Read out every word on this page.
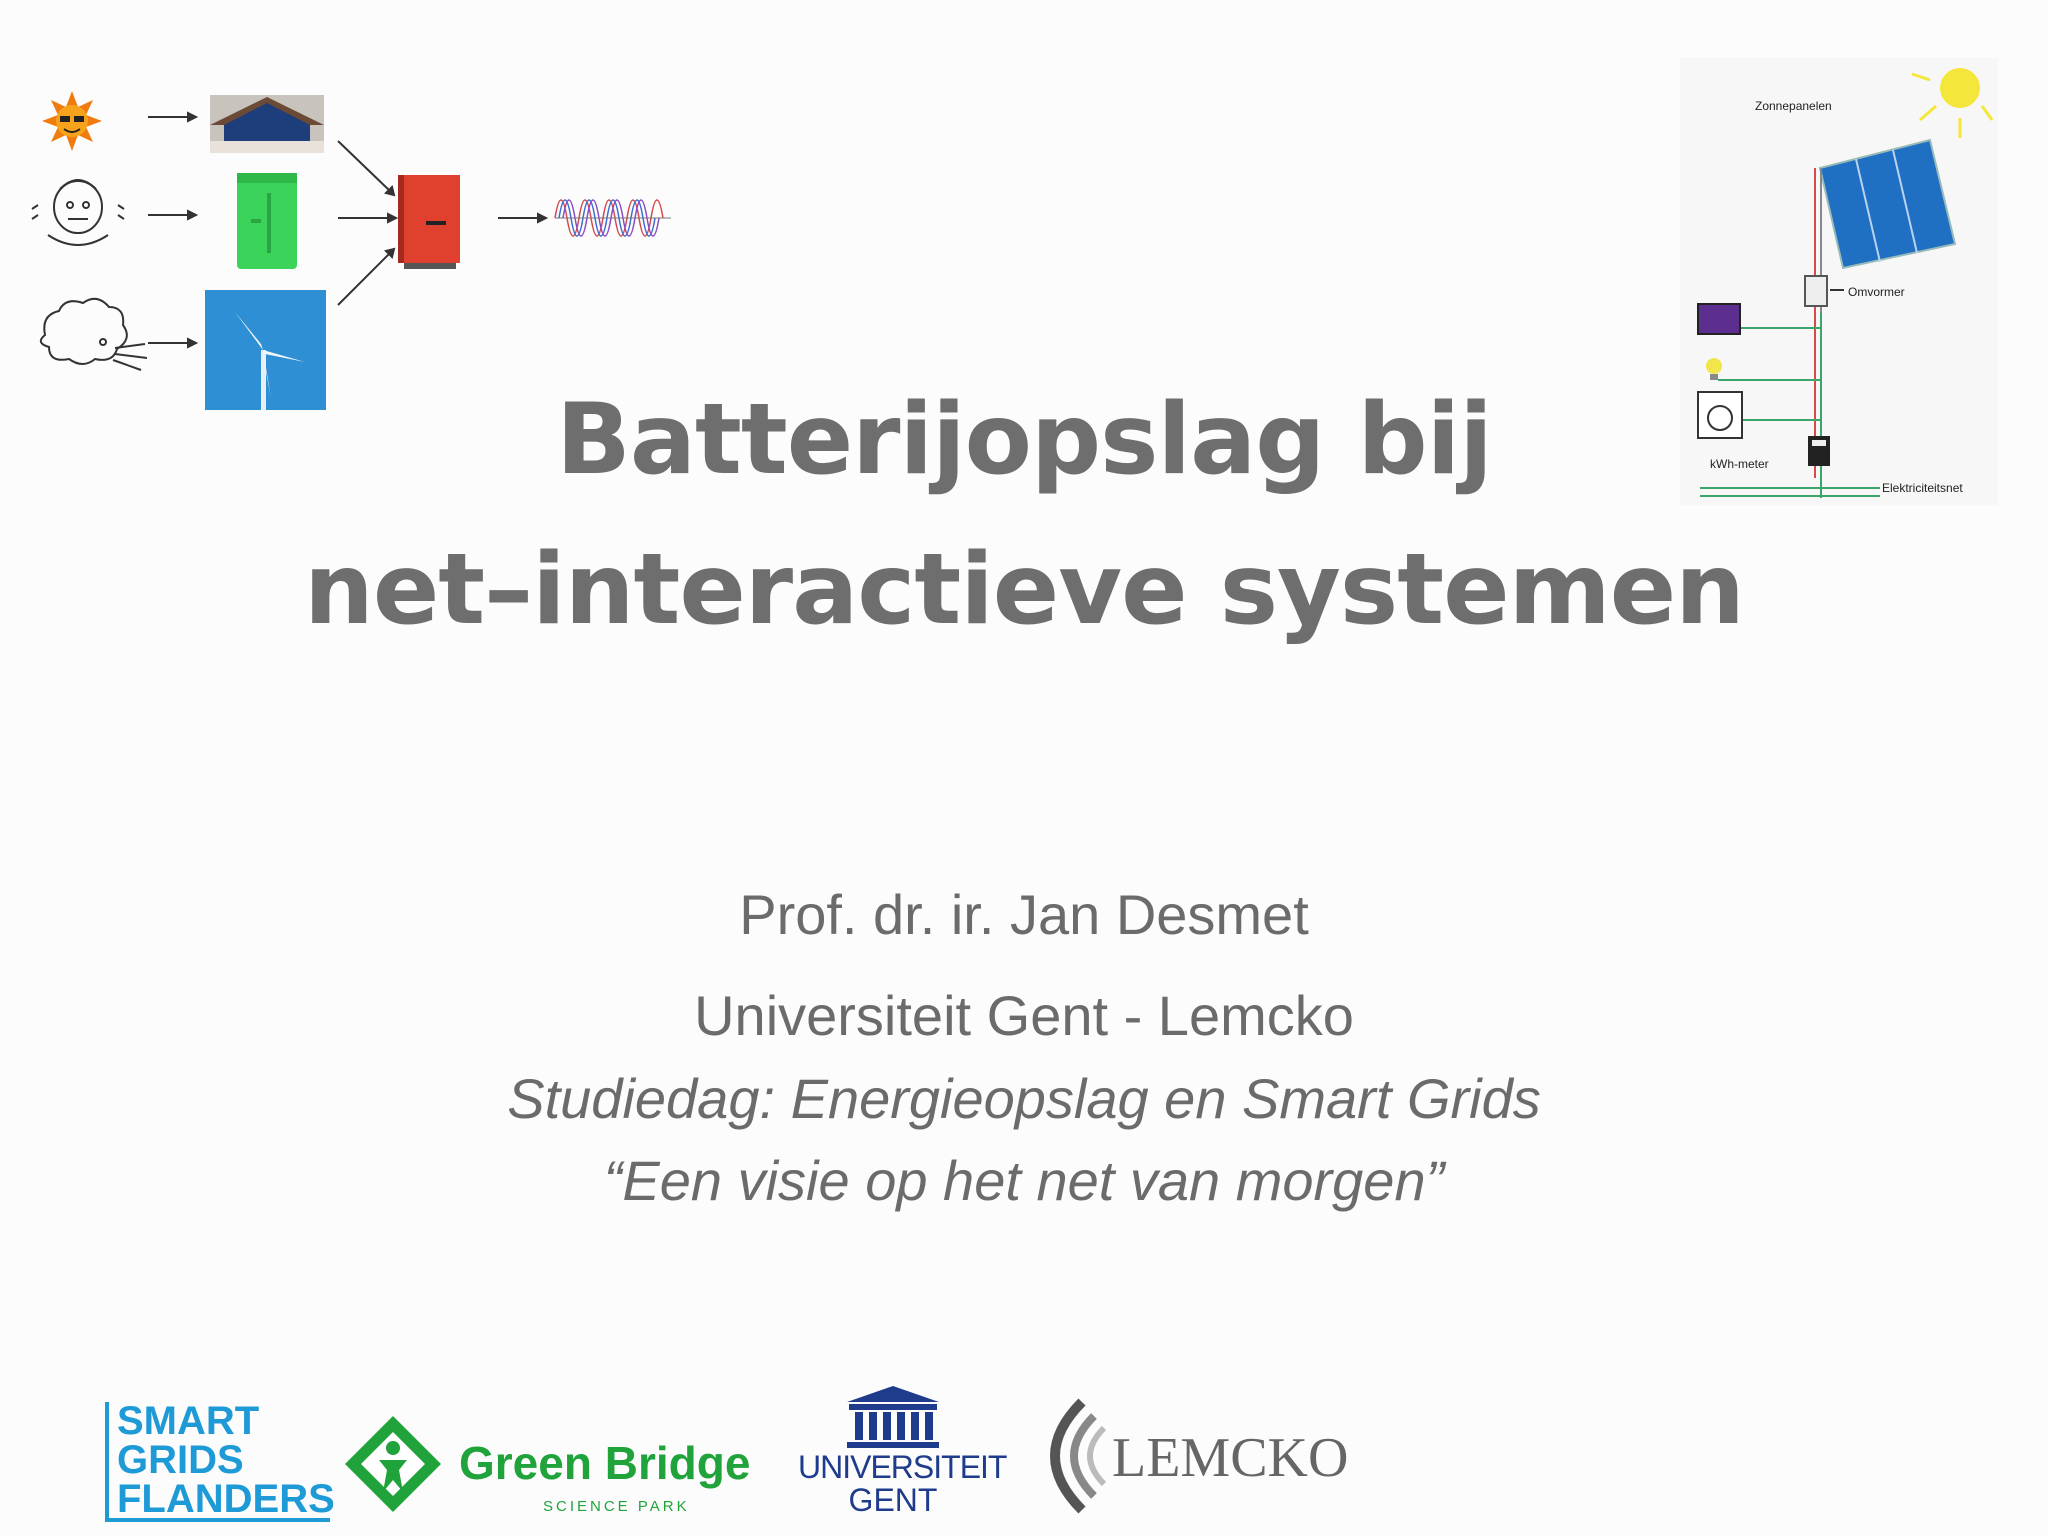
Zonnepanelen
Omvormer
kWh-meter
Elektriciteitsnet
Batterijopslag bij
net–interactieve systemen
Prof. dr. ir. Jan Desmet
Universiteit Gent - Lemcko
Studiedag: Energieopslag en Smart Grids
“Een visie op het net van morgen”
SMART
GRIDS
FLANDERS
Green Bridge
SCIENCE PARK
UNIVERSITEIT
GENT
LEMCKO
